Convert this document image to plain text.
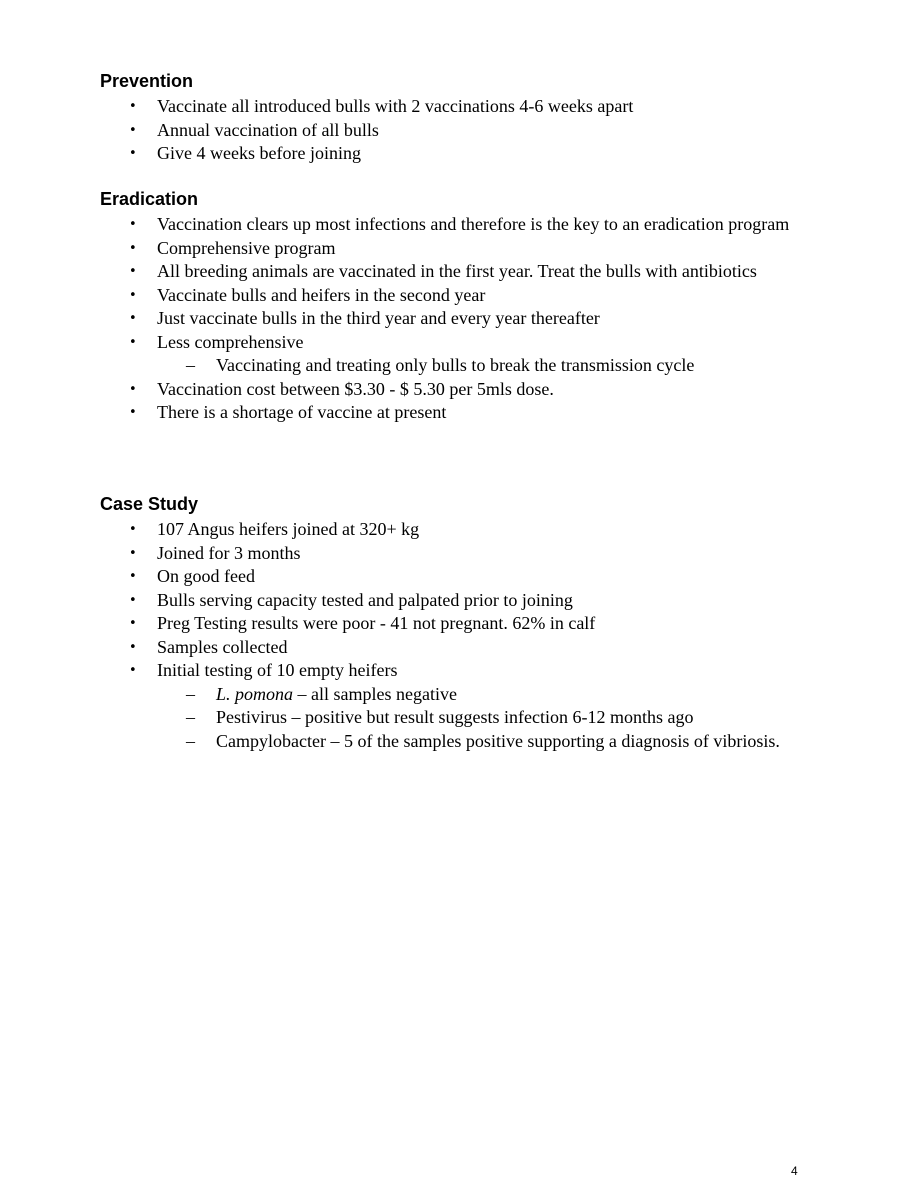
Prevention
• Vaccinate all introduced bulls with 2 vaccinations 4-6 weeks apart
• Annual vaccination of all bulls
• Give 4 weeks before joining
Eradication
• Vaccination clears up most infections and therefore is the key to an eradication program
• Comprehensive program
• All breeding animals are vaccinated in the first year. Treat the bulls with antibiotics
• Vaccinate bulls and heifers in the second year
• Just vaccinate bulls in the third year and every year thereafter
• Less comprehensive
– Vaccinating and treating only bulls to break the transmission cycle
• Vaccination cost between $3.30 - $ 5.30 per 5mls dose.
• There is a shortage of vaccine at present
Case Study
• 107 Angus heifers joined at 320+ kg
• Joined for 3 months
• On good feed
• Bulls serving capacity tested and palpated prior to joining
• Preg Testing results were poor - 41 not pregnant. 62% in calf
• Samples collected
• Initial testing of 10 empty heifers
– L. pomona – all samples negative
– Pestivirus – positive but result suggests infection 6-12 months ago
– Campylobacter – 5 of the samples positive supporting a diagnosis of vibriosis.
4
